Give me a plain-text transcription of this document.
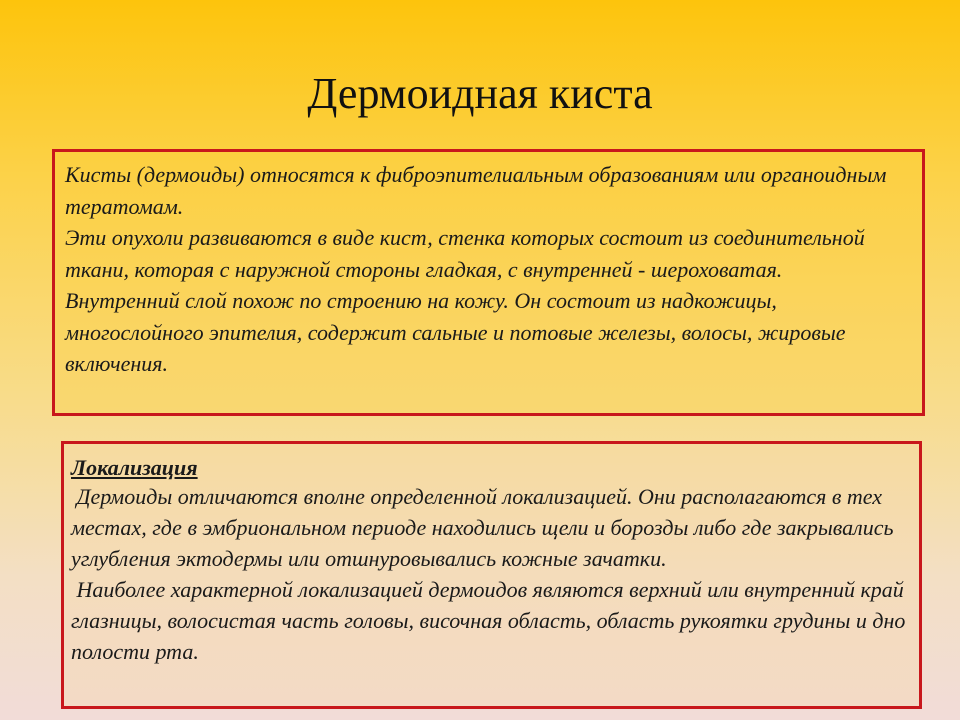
Дермоидная киста

Кисты (дермоиды) относятся к фиброэпителиальным образованиям или органоидным тератомам.

Эти опухоли развиваются в виде кист, стенка которых состоит из соединительной ткани, которая с наружной стороны гладкая, с внутренней - шероховатая.

Внутренний слой похож по строению на кожу. Он состоит из надкожицы, многослойного эпителия, содержит сальные и потовые железы, волосы, жировые включения.

Локализация

Дермоиды отличаются вполне определенной локализацией. Они располагаются в тех местах, где в эмбриональном периоде находились щели и борозды либо где закрывались углубления эктодермы или отшнуровывались кожные зачатки.

Наиболее характерной локализацией дермоидов являются верхний или внутренний край глазницы, волосистая часть головы, височная область, область рукоятки грудины и дно полости рта.
